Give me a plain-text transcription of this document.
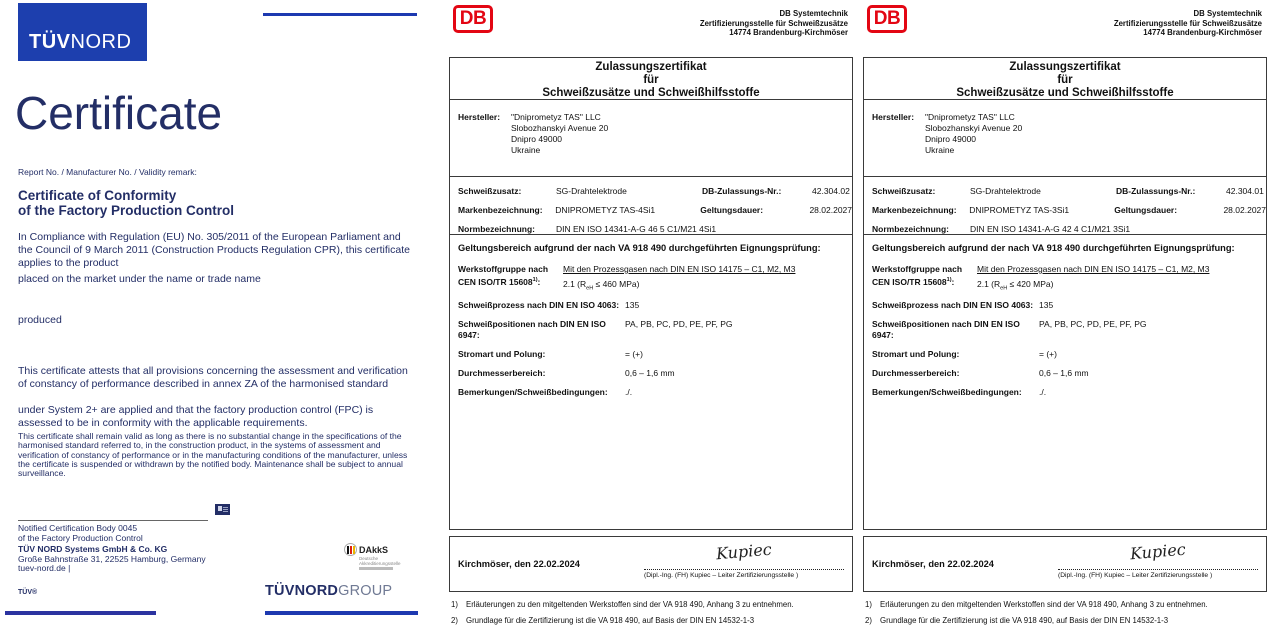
TÜVNORD
Certificate
Report No. / Manufacturer No. / Validity remark:
Certificate of Conformity
of the Factory Production Control
In Compliance with Regulation (EU) No. 305/2011 of the European Parliament and the Council of 9 March 2011 (Construction Products Regulation CPR), this certificate applies to the product
placed on the market under the name or trade name
produced
This certificate attests that all provisions concerning the assessment and verification of constancy of performance described in annex ZA of the harmonised standard
under System 2+ are applied and that the factory production control (FPC) is assessed to be in conformity with the applicable requirements.
This certificate shall remain valid as long as there is no substantial change in the specifications of the harmonised standard referred to, in the construction product, in the systems of assessment and verification of constancy of performance or in the manufacturing conditions of the manufacturer, unless the certificate is suspended or withdrawn by the notified body. Maintenance shall be subject to annual surveillance.
Notified Certification Body 0045
of the Factory Production Control
TÜV NORD Systems GmbH & Co. KG
Große Bahnstraße 31, 22525 Hamburg, Germany
tuev-nord.de |
DAkkS
Deutsche
Akkreditierungsstelle
TÜV®	TÜVNORDGROUP
DB	DB Systemtechnik
Zertifizierungsstelle für Schweißzusätze
14774 Brandenburg-Kirchmöser
Zulassungszertifikat
für
Schweißzusätze und Schweißhilfsstoffe
Hersteller:	"Dniprometyz TAS" LLC
Slobozhanskyi Avenue 20
Dnipro 49000
Ukraine
Schweißzusatz:	SG-Drahtelektrode	DB-Zulassungs-Nr.:	42.304.02
Markenbezeichnung:	DNIPROMETYZ TAS-4Si1	Geltungsdauer:	28.02.2027
Normbezeichnung:	DIN EN ISO 14341-A-G 46 5 C1/M21 4Si1
Geltungsbereich aufgrund der nach VA 918 490 durchgeführten Eignungsprüfung:
Werkstoffgruppe nach
CEN ISO/TR 15608$^{1)}$:
Mit den Prozessgasen nach DIN EN ISO 14175 – C1, M2, M3
2.1 ($R_{eH} \le 460$ MPa)
Schweißprozess nach DIN EN ISO 4063: 135
Schweißpositionen nach DIN EN ISO 6947:
PA, PB, PC, PD, PE, PF, PG
Stromart und Polung:	= (+)
Durchmesserbereich:	0,6 – 1,6 mm
Bemerkungen/Schweißbedingungen:	./.
Kirchmöser, den 22.02.2024
Kupiec
(Dipl.-Ing. (FH) Kupiec – Leiter Zertifizierungsstelle )
1)	Erläuterungen zu den mitgeltenden Werkstoffen sind der VA 918 490, Anhang 3 zu entnehmen.
2)	Grundlage für die Zertifizierung ist die VA 918 490, auf Basis der DIN EN 14532-1-3
DB	DB Systemtechnik
Zertifizierungsstelle für Schweißzusätze
14774 Brandenburg-Kirchmöser
Zulassungszertifikat
für
Schweißzusätze und Schweißhilfsstoffe
Hersteller:	"Dniprometyz TAS" LLC
Slobozhanskyi Avenue 20
Dnipro 49000
Ukraine
Schweißzusatz:	SG-Drahtelektrode	DB-Zulassungs-Nr.:	42.304.01
Markenbezeichnung:	DNIPROMETYZ TAS-3Si1	Geltungsdauer:	28.02.2027
Normbezeichnung:	DIN EN ISO 14341-A-G 42 4 C1/M21 3Si1
Geltungsbereich aufgrund der nach VA 918 490 durchgeführten Eignungsprüfung:
Werkstoffgruppe nach
CEN ISO/TR 15608$^{1)}$:
Mit den Prozessgasen nach DIN EN ISO 14175 – C1, M2, M3
2.1 ($R_{eH} \le 420$ MPa)
Schweißprozess nach DIN EN ISO 4063: 135
Schweißpositionen nach DIN EN ISO 6947:
PA, PB, PC, PD, PE, PF, PG
Stromart und Polung:	= (+)
Durchmesserbereich:	0,6 – 1,6 mm
Bemerkungen/Schweißbedingungen:	./.
Kirchmöser, den 22.02.2024
Kupiec
(Dipl.-Ing. (FH) Kupiec – Leiter Zertifizierungsstelle )
1)	Erläuterungen zu den mitgeltenden Werkstoffen sind der VA 918 490, Anhang 3 zu entnehmen.
2)	Grundlage für die Zertifizierung ist die VA 918 490, auf Basis der DIN EN 14532-1-3
